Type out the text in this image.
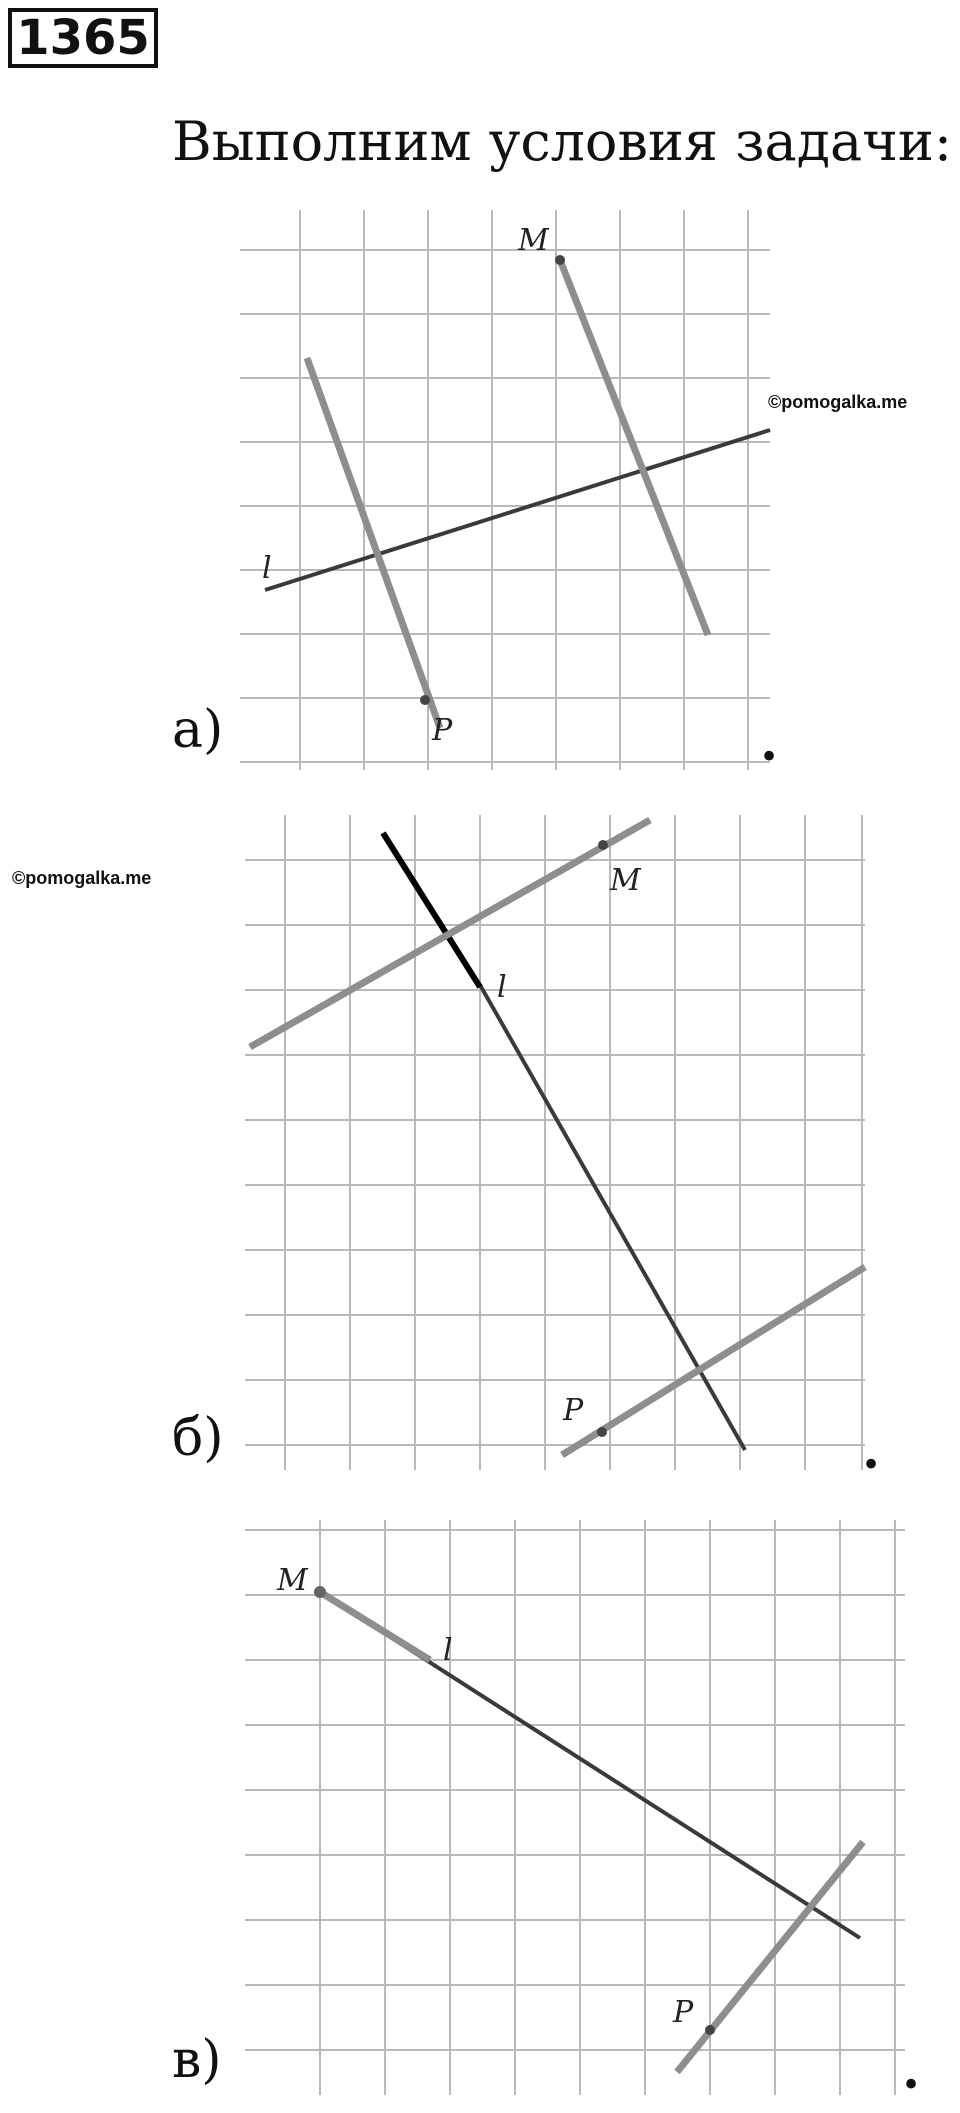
1365
Выполним условия задачи:
M
l
P
а)	.
©pomogalka.me
M
l
P
б)	.
©pomogalka.me
M
l
P
в)	.
